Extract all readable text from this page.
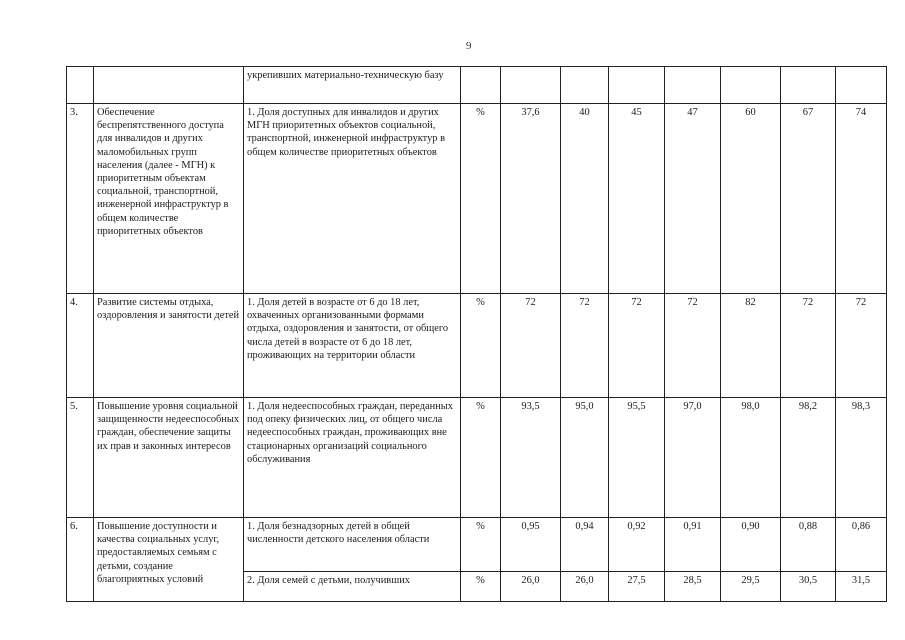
9
		укрепивших материально-техническую базу								
3.	Обеспечение беспрепятственного доступа для инвалидов и других маломобильных групп населения (далее - МГН) к приоритетным объектам социальной, транспортной, инженерной инфраструктур в общем количестве приоритетных объектов	1. Доля доступных для инвалидов и других МГН приоритетных объектов социальной, транспортной, инженерной инфраструктур в общем количестве приоритетных объектов	%	37,6	40	45	47	60	67	74
4.	Развитие системы отдыха, оздоровления и занятости детей	1. Доля детей в возрасте от 6 до 18 лет, охваченных организованными формами отдыха, оздоровления и занятости, от общего числа детей в возрасте от 6 до 18 лет, проживающих на территории области	%	72	72	72	72	82	72	72
5.	Повышение уровня социальной защищенности недееспособных граждан, обеспечение защиты их прав и законных интересов	1. Доля недееспособных граждан, переданных под опеку физических лиц, от общего числа недееспособных граждан, проживающих вне стационарных организаций социального обслуживания	%	93,5	95,0	95,5	97,0	98,0	98,2	98,3
6.	Повышение доступности и качества социальных услуг, предоставляемых семьям с детьми, создание благоприятных условий	1. Доля безнадзорных детей в общей численности детского населения области	%	0,95	0,94	0,92	0,91	0,90	0,88	0,86
		2. Доля семей с детьми, получивших	%	26,0	26,0	27,5	28,5	29,5	30,5	31,5
